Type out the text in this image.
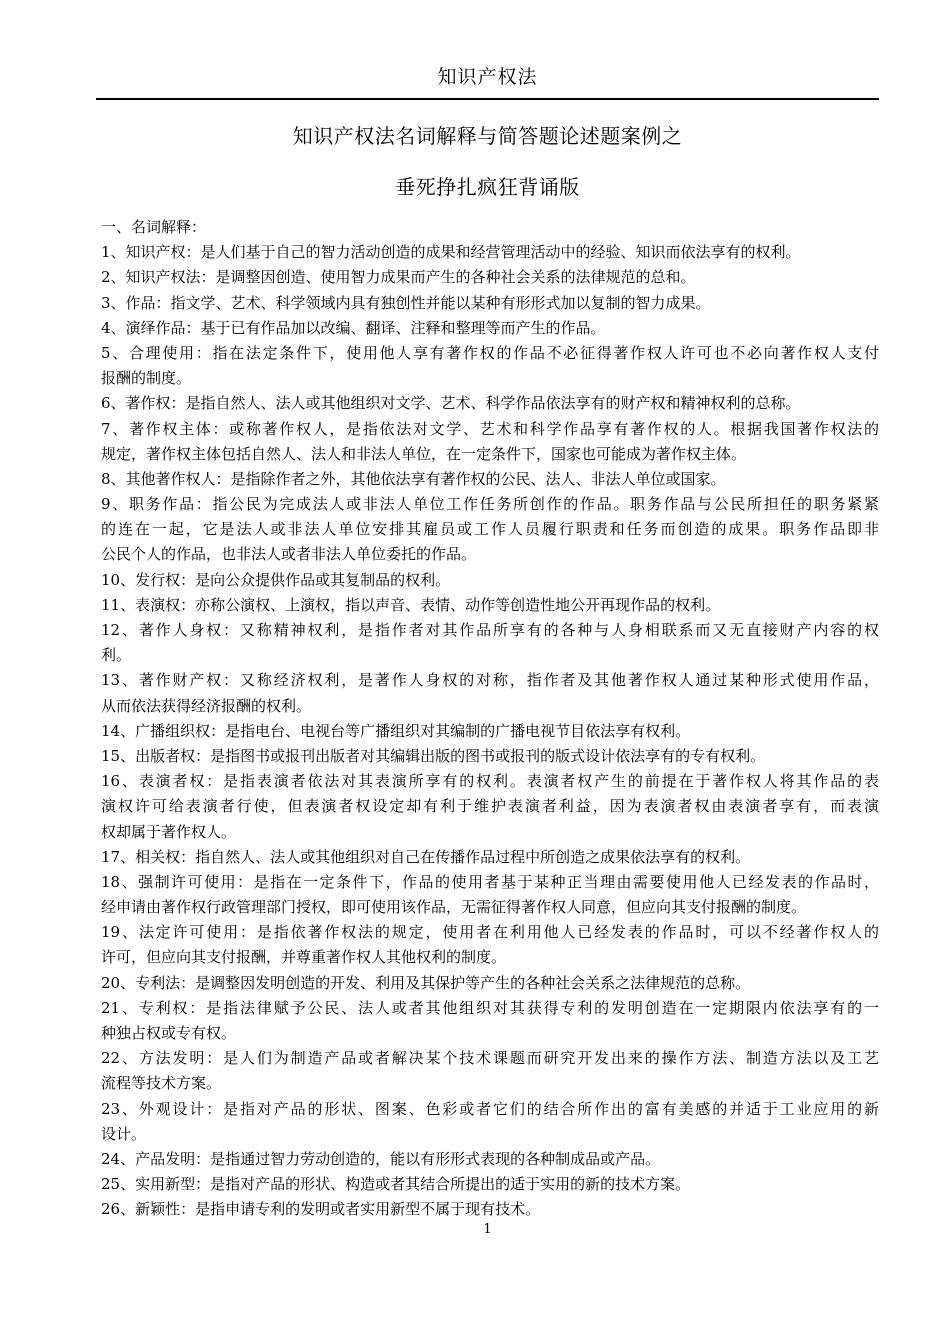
知识产权法
知识产权法名词解释与简答题论述题案例之
垂死挣扎疯狂背诵版
一、名词解释：
1、知识产权：是人们基于自己的智力活动创造的成果和经营管理活动中的经验、知识而依法享有的权利。
2、知识产权法：是调整因创造、使用智力成果而产生的各种社会关系的法律规范的总和。
3、作品：指文学、艺术、科学领域内具有独创性并能以某种有形形式加以复制的智力成果。
4、演绎作品：基于已有作品加以改编、翻译、注释和整理等而产生的作品。
5、合理使用：指在法定条件下，使用他人享有著作权的作品不必征得著作权人许可也不必向著作权人支付
报酬的制度。
6、著作权：是指自然人、法人或其他组织对文学、艺术、科学作品依法享有的财产权和精神权利的总称。
7、著作权主体：或称著作权人，是指依法对文学、艺术和科学作品享有著作权的人。根据我国著作权法的
规定，著作权主体包括自然人、法人和非法人单位，在一定条件下，国家也可能成为著作权主体。
8、其他著作权人：是指除作者之外，其他依法享有著作权的公民、法人、非法人单位或国家。
9、职务作品：指公民为完成法人或非法人单位工作任务所创作的作品。职务作品与公民所担任的职务紧紧
的连在一起，它是法人或非法人单位安排其雇员或工作人员履行职责和任务而创造的成果。职务作品即非
公民个人的作品，也非法人或者非法人单位委托的作品。
10、发行权：是向公众提供作品或其复制品的权利。
11、表演权：亦称公演权、上演权，指以声音、表情、动作等创造性地公开再现作品的权利。
12、著作人身权：又称精神权利，是指作者对其作品所享有的各种与人身相联系而又无直接财产内容的权
利。
13、著作财产权：又称经济权利，是著作人身权的对称，指作者及其他著作权人通过某种形式使用作品，
从而依法获得经济报酬的权利。
14、广播组织权：是指电台、电视台等广播组织对其编制的广播电视节目依法享有权利。
15、出版者权：是指图书或报刊出版者对其编辑出版的图书或报刊的版式设计依法享有的专有权利。
16、表演者权：是指表演者依法对其表演所享有的权利。表演者权产生的前提在于著作权人将其作品的表
演权许可给表演者行使，但表演者权设定却有利于维护表演者利益，因为表演者权由表演者享有，而表演
权却属于著作权人。
17、相关权：指自然人、法人或其他组织对自己在传播作品过程中所创造之成果依法享有的权利。
18、强制许可使用：是指在一定条件下，作品的使用者基于某种正当理由需要使用他人已经发表的作品时，
经申请由著作权行政管理部门授权，即可使用该作品，无需征得著作权人同意，但应向其支付报酬的制度。
19、法定许可使用：是指依著作权法的规定，使用者在利用他人已经发表的作品时，可以不经著作权人的
许可，但应向其支付报酬，并尊重著作权人其他权利的制度。
20、专利法：是调整因发明创造的开发、利用及其保护等产生的各种社会关系之法律规范的总称。
21、专利权：是指法律赋予公民、法人或者其他组织对其获得专利的发明创造在一定期限内依法享有的一
种独占权或专有权。
22、方法发明：是人们为制造产品或者解决某个技术课题而研究开发出来的操作方法、制造方法以及工艺
流程等技术方案。
23、外观设计：是指对产品的形状、图案、色彩或者它们的结合所作出的富有美感的并适于工业应用的新
设计。
24、产品发明：是指通过智力劳动创造的，能以有形形式表现的各种制成品或产品。
25、实用新型：是指对产品的形状、构造或者其结合所提出的适于实用的新的技术方案。
26、新颖性：是指申请专利的发明或者实用新型不属于现有技术。
1
